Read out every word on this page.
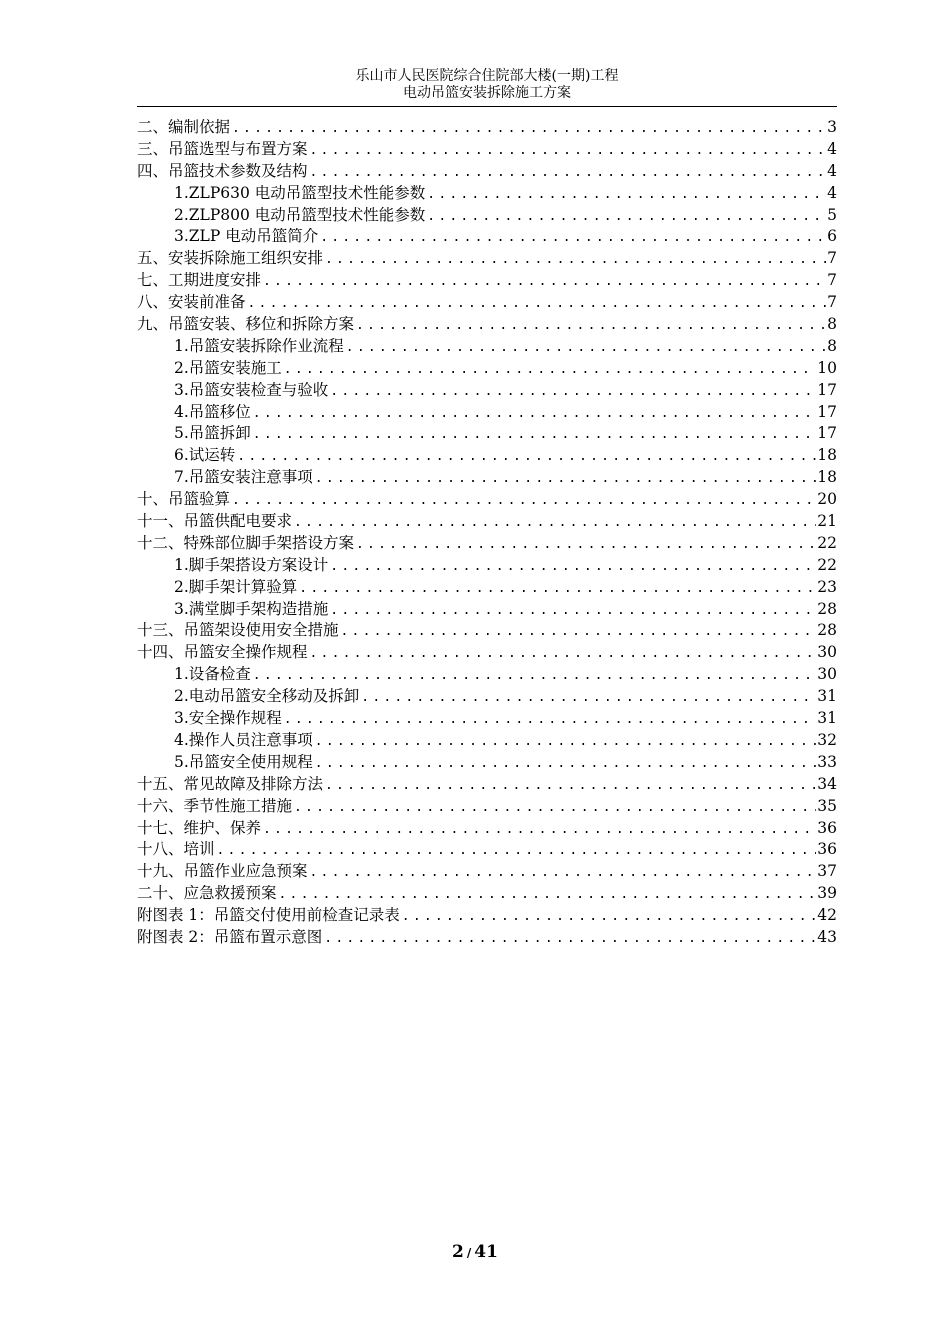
乐山市人民医院综合住院部大楼(一期)工程
电动吊篮安装拆除施工方案
二、编制依据 .....	3
三、吊篮选型与布置方案 .....	4
四、吊篮技术参数及结构 .....	4
1.ZLP630 电动吊篮型技术性能参数 .....	4
2.ZLP800 电动吊篮型技术性能参数 .....	5
3.ZLP 电动吊篮简介 .....	6
五、安装拆除施工组织安排 .....	7
七、工期进度安排 .....	7
八、安装前准备 .....	7
九、吊篮安装、移位和拆除方案 .....	8
1.吊篮安装拆除作业流程 .....	8
2.吊篮安装施工 .....	10
3.吊篮安装检查与验收 .....	17
4.吊篮移位 .....	17
5.吊篮拆卸 .....	17
6.试运转 .....	18
7.吊篮安装注意事项 .....	18
十、吊篮验算 .....	20
十一、吊篮供配电要求 .....	21
十二、特殊部位脚手架搭设方案 .....	22
1.脚手架搭设方案设计 .....	22
2.脚手架计算验算 .....	23
3.满堂脚手架构造措施 .....	28
十三、吊篮架设使用安全措施 .....	28
十四、吊篮安全操作规程 .....	30
1.设备检查 .....	30
2.电动吊篮安全移动及拆卸 .....	31
3.安全操作规程 .....	31
4.操作人员注意事项 .....	32
5.吊篮安全使用规程 .....	33
十五、常见故障及排除方法 .....	34
十六、季节性施工措施 .....	35
十七、维护、保养 .....	36
十八、培训 .....	36
十九、吊篮作业应急预案 .....	37
二十、应急救援预案 .....	39
附图表 1：吊篮交付使用前检查记录表 .....	42
附图表 2：吊篮布置示意图 .....	43
2 / 41
